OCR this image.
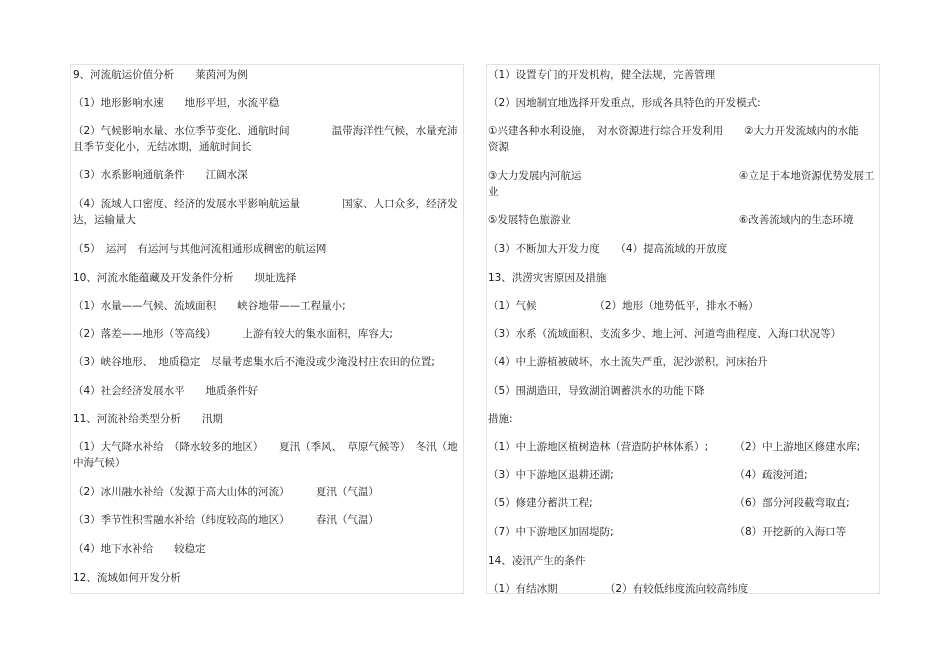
9、河流航运价值分析　　莱茵河为例
（1）地形影响水速　　地形平坦，水流平稳
（2）气候影响水量、水位季节变化、通航时间　　　　温带海洋性气候，水量充沛
且季节变化小，无结冰期，通航时间长
（3）水系影响通航条件　　江阔水深
（4）流域人口密度、经济的发展水平影响航运量　　　　国家、人口众多，经济发
达，运输量大
（5）　运河　有运河与其他河流相通形成稠密的航运网
10、河流水能蕴藏及开发条件分析　　坝址选择
（1）水量——气候、流域面积　　峡谷地带——工程量小;
（2）落差——地形（等高线）　　　上游有较大的集水面积，库容大;
（3）峡谷地形、　地质稳定　尽量考虑集水后不淹没或少淹没村庄农田的位置;
（4）社会经济发展水平　　地质条件好
11、河流补给类型分析　　汛期
（1）大气降水补给　（降水较多的地区）　　夏汛（季风、　草原气候等）　冬汛（地
中海气候）
（2）冰川融水补给（发源于高大山体的河流）　　　夏汛（气温）
（3）季节性积雪融水补给（纬度较高的地区）　　　春汛（气温）
（4）地下水补给　　较稳定
12、流域如何开发分析
（1）设置专门的开发机构，健全法规，完善管理
（2）因地制宜地选择开发重点，形成各具特色的开发模式:
①兴建各种水利设施，　对水资源进行综合开发利用　　②大力开发流域内的水能
资源
③大力发展内河航运　　　　　　　　　　　　　　　④立足于本地资源优势发展工
业
⑤发展特色旅游业　　　　　　　　　　　　　　　　⑥改善流域内的生态环境
（3）不断加大开发力度　　（4）提高流域的开放度
13、洪涝灾害原因及措施
（1）气候　　　　　　（2）地形（地势低平，排水不畅）
（3）水系（流域面积、支流多少、地上河、河道弯曲程度、入海口状况等）
（4）中上游植被破坏，水土流失严重，泥沙淤积，河床抬升
（5）围湖造田，导致湖泊调蓄洪水的功能下降
措施:
（1）中上游地区植树造林（营造防护林体系）;　　　（2）中上游地区修建水库;
（3）中下游地区退耕还湖;　　　　　　　　　　　　（4）疏浚河道;
（5）修建分蓄洪工程;　　　　　　　　　　　　　　（6）部分河段截弯取直;
（7）中下游地区加固堤防;　　　　　　　　　　　　（8）开挖新的入海口等
14、凌汛产生的条件
（1）有结冰期　　　　　（2）有较低纬度流向较高纬度
